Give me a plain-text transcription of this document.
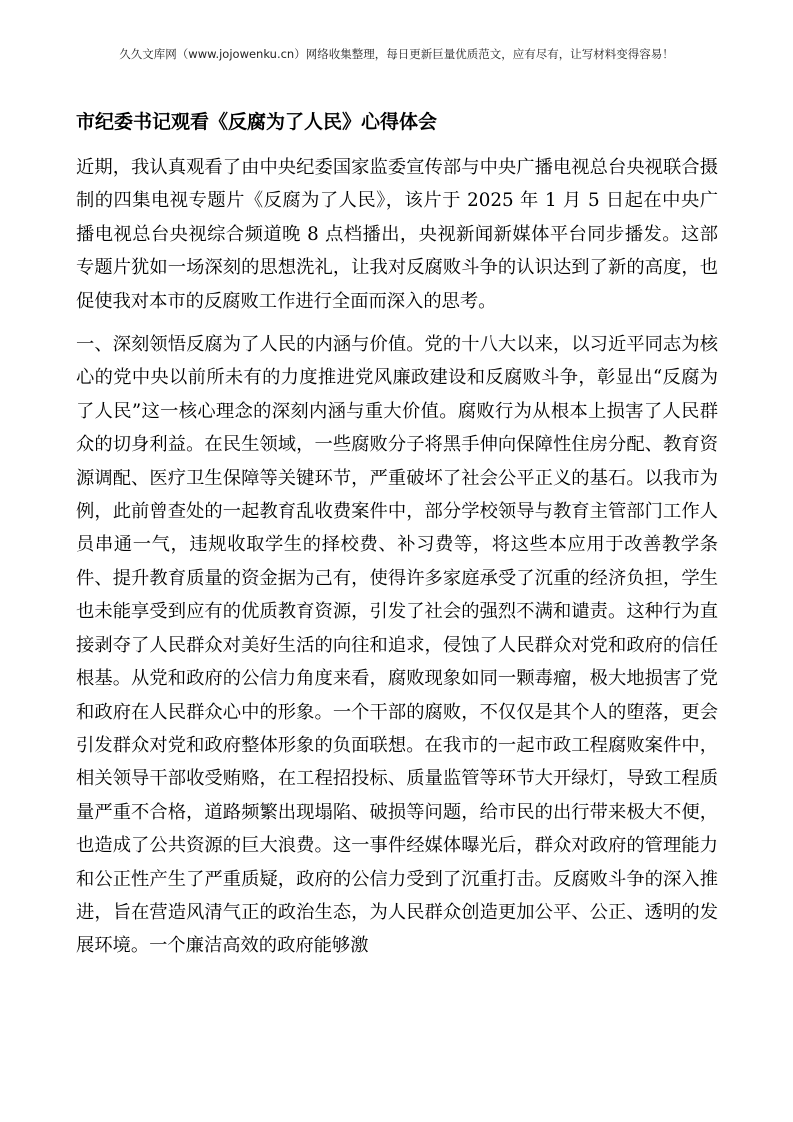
久久文库网（www.jojowenku.cn）网络收集整理，每日更新巨量优质范文，应有尽有，让写材料变得容易！
市纪委书记观看《反腐为了人民》心得体会

近期，我认真观看了由中央纪委国家监委宣传部与中央广播电视总台央视联合摄制的四集电视专题片《反腐为了人民》，该片于 2025 年 1 月 5 日起在中央广播电视总台央视综合频道晚 8 点档播出，央视新闻新媒体平台同步播发。这部专题片犹如一场深刻的思想洗礼，让我对反腐败斗争的认识达到了新的高度，也促使我对本市的反腐败工作进行全面而深入的思考。

一、深刻领悟反腐为了人民的内涵与价值。党的十八大以来，以习近平同志为核心的党中央以前所未有的力度推进党风廉政建设和反腐败斗争，彰显出“反腐为了人民”这一核心理念的深刻内涵与重大价值。腐败行为从根本上损害了人民群众的切身利益。在民生领域，一些腐败分子将黑手伸向保障性住房分配、教育资源调配、医疗卫生保障等关键环节，严重破坏了社会公平正义的基石。以我市为例，此前曾查处的一起教育乱收费案件中，部分学校领导与教育主管部门工作人员串通一气，违规收取学生的择校费、补习费等，将这些本应用于改善教学条件、提升教育质量的资金据为己有，使得许多家庭承受了沉重的经济负担，学生也未能享受到应有的优质教育资源，引发了社会的强烈不满和谴责。这种行为直接剥夺了人民群众对美好生活的向往和追求，侵蚀了人民群众对党和政府的信任根基。从党和政府的公信力角度来看，腐败现象如同一颗毒瘤，极大地损害了党和政府在人民群众心中的形象。一个干部的腐败，不仅仅是其个人的堕落，更会引发群众对党和政府整体形象的负面联想。在我市的一起市政工程腐败案件中，相关领导干部收受贿赂，在工程招投标、质量监管等环节大开绿灯，导致工程质量严重不合格，道路频繁出现塌陷、破损等问题，给市民的出行带来极大不便，也造成了公共资源的巨大浪费。这一事件经媒体曝光后，群众对政府的管理能力和公正性产生了严重质疑，政府的公信力受到了沉重打击。反腐败斗争的深入推进，旨在营造风清气正的政治生态，为人民群众创造更加公平、公正、透明的发展环境。一个廉洁高效的政府能够激
